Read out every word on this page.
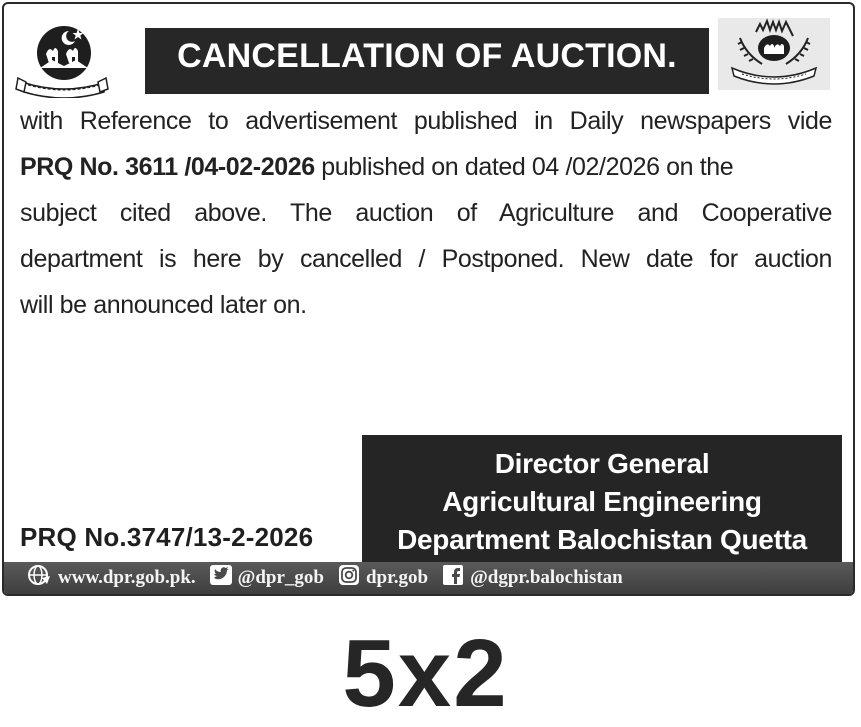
CANCELLATION OF AUCTION.
with Reference to advertisement published in Daily newspapers vide
PRQ No. 3611 /04-02-2026 published on dated 04 /02/2026 on the
subject cited above. The auction of Agriculture and Cooperative
department is here by cancelled / Postponed. New date for auction
will be announced later on.
PRQ No.3747/13-2-2026
Director General
Agricultural Engineering
Department Balochistan Quetta
www.dpr.gob.pk. @dpr_gob dpr.gob @dgpr.balochistan
5x2
